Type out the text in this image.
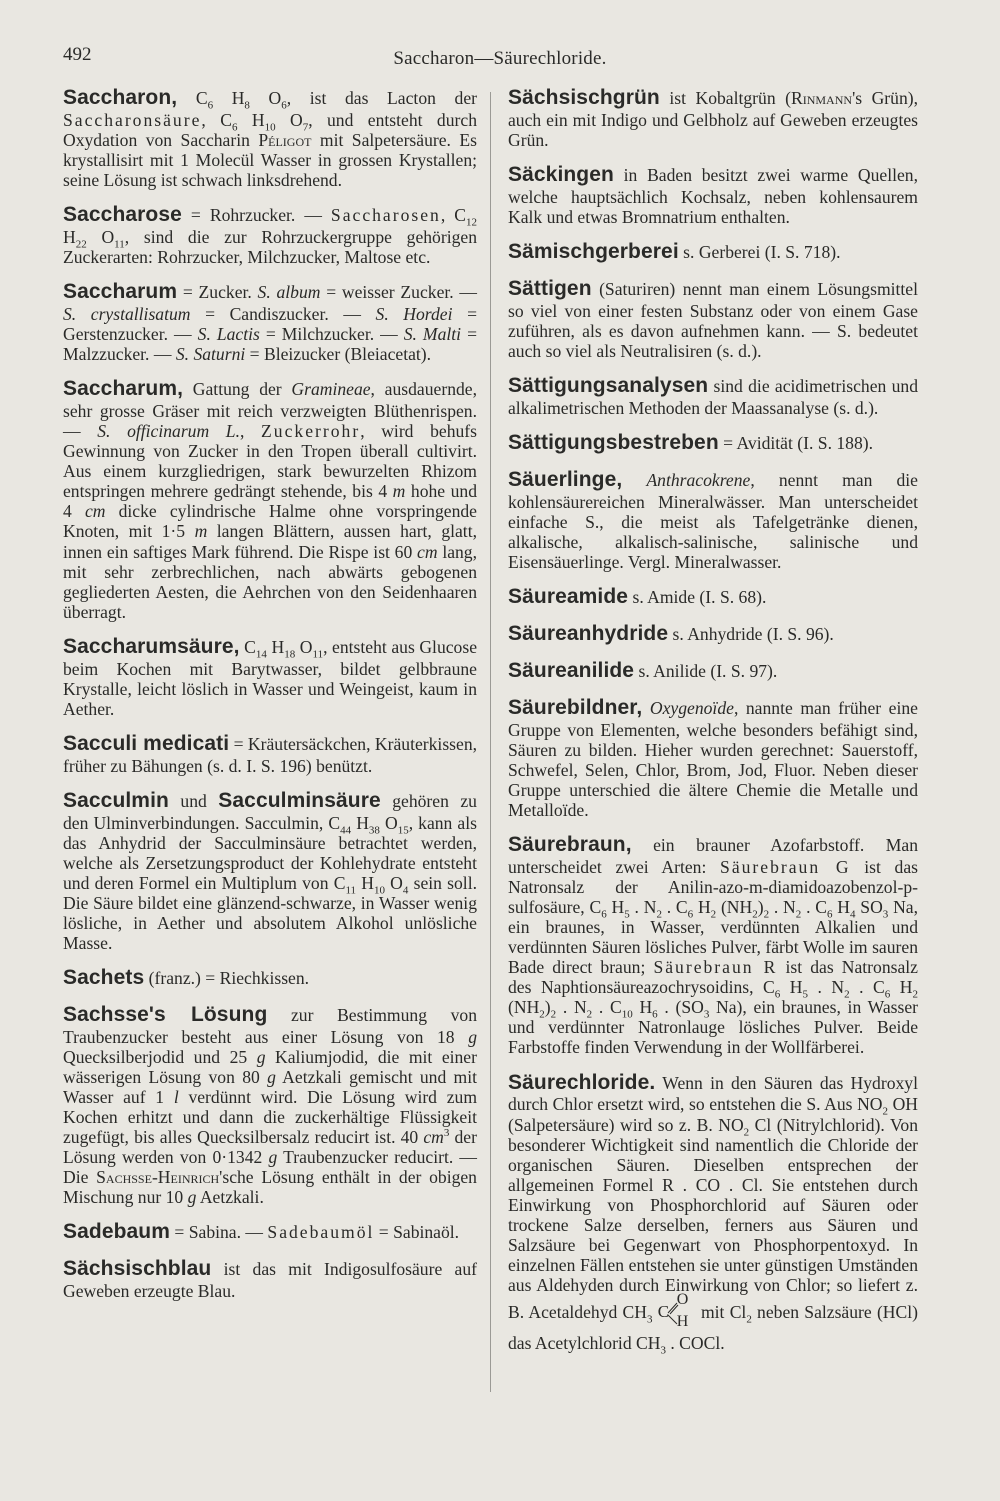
492	Saccharon—Säurechloride.

Saccharon, $C_6$ $H_8$ $O_6$, ist das Lacton der Saccharonsäure, $C_6$ $H_{10}$ $O_7$, und entsteht durch Oxydation von Saccharin Péligot mit Salpetersäure. Es krystallisirt mit 1 Molecül Wasser in grossen Krystallen; seine Lösung ist schwach linksdrehend.

Saccharose = Rohrzucker. — Saccharosen, $C_{12}$ $H_{22}$ $O_{11}$, sind die zur Rohrzuckergruppe gehörigen Zuckerarten: Rohrzucker, Milchzucker, Maltose etc.

Saccharum = Zucker. S. album = weisser Zucker. — S. crystallisatum = Candiszucker. — S. Hordei = Gerstenzucker. — S. Lactis = Milchzucker. — S. Malti = Malzzucker. — S. Saturni = Bleizucker (Bleiacetat).

Saccharum, Gattung der Gramineae, ausdauernde, sehr grosse Gräser mit reich verzweigten Blüthenrispen. — S. officinarum L., Zuckerrohr, wird behufs Gewinnung von Zucker in den Tropen überall cultivirt. Aus einem kurzgliedrigen, stark bewurzelten Rhizom entspringen mehrere gedrängt stehende, bis 4 m hohe und 4 cm dicke cylindrische Halme ohne vorspringende Knoten, mit 1·5 m langen Blättern, aussen hart, glatt, innen ein saftiges Mark führend. Die Rispe ist 60 cm lang, mit sehr zerbrechlichen, nach abwärts gebogenen gegliederten Aesten, die Aehrchen von den Seidenhaaren überragt.

Saccharumsäure, $C_{14}$ $H_{18}$ $O_{11}$, entsteht aus Glucose beim Kochen mit Barytwasser, bildet gelbbraune Krystalle, leicht löslich in Wasser und Weingeist, kaum in Aether.

Sacculi medicati = Kräutersäckchen, Kräuterkissen, früher zu Bähungen (s. d. I. S. 196) benützt.

Sacculmin und Sacculminsäure gehören zu den Ulminverbindungen. Sacculmin, $C_{44}$ $H_{38}$ $O_{15}$, kann als das Anhydrid der Sacculminsäure betrachtet werden, welche als Zersetzungsproduct der Kohlehydrate entsteht und deren Formel ein Multiplum von $C_{11}$ $H_{10}$ $O_4$ sein soll. Die Säure bildet eine glänzend-schwarze, in Wasser wenig lösliche, in Aether und absolutem Alkohol unlösliche Masse.

Sachets (franz.) = Riechkissen.

Sachsse's Lösung zur Bestimmung von Traubenzucker besteht aus einer Lösung von 18 g Quecksilberjodid und 25 g Kaliumjodid, die mit einer wässerigen Lösung von 80 g Aetzkali gemischt und mit Wasser auf 1 l verdünnt wird. Die Lösung wird zum Kochen erhitzt und dann die zuckerhältige Flüssigkeit zugefügt, bis alles Quecksilbersalz reducirt ist. 40 $cm^3$ der Lösung werden von 0·1342 g Traubenzucker reducirt. — Die Sachsse-Heinrich'sche Lösung enthält in der obigen Mischung nur 10 g Aetzkali.

Sadebaum = Sabina. — Sadebaumöl = Sabinaöl.

Sächsischblau ist das mit Indigosulfosäure auf Geweben erzeugte Blau.

Sächsischgrün ist Kobaltgrün (Rinmann's Grün), auch ein mit Indigo und Gelbholz auf Geweben erzeugtes Grün.

Säckingen in Baden besitzt zwei warme Quellen, welche hauptsächlich Kochsalz, neben kohlensaurem Kalk und etwas Bromnatrium enthalten.

Sämischgerberei s. Gerberei (I. S. 718).

Sättigen (Saturiren) nennt man einem Lösungsmittel so viel von einer festen Substanz oder von einem Gase zuführen, als es davon aufnehmen kann. — S. bedeutet auch so viel als Neutralisiren (s. d.).

Sättigungsanalysen sind die acidimetrischen und alkalimetrischen Methoden der Maassanalyse (s. d.).

Sättigungsbestreben = Avidität (I. S. 188).

Säuerlinge, Anthracokrene, nennt man die kohlensäurereichen Mineralwässer. Man unterscheidet einfache S., die meist als Tafelgetränke dienen, alkalische, alkalisch-salinische, salinische und Eisensäuerlinge. Vergl. Mineralwasser.

Säureamide s. Amide (I. S. 68).

Säureanhydride s. Anhydride (I. S. 96).

Säureanilide s. Anilide (I. S. 97).

Säurebildner, Oxygenoïde, nannte man früher eine Gruppe von Elementen, welche besonders befähigt sind, Säuren zu bilden. Hieher wurden gerechnet: Sauerstoff, Schwefel, Selen, Chlor, Brom, Jod, Fluor. Neben dieser Gruppe unterschied die ältere Chemie die Metalle und Metalloïde.

Säurebraun, ein brauner Azofarbstoff. Man unterscheidet zwei Arten: Säurebraun G ist das Natronsalz der Anilin-azo-m-diamidoazobenzol-p-sulfosäure, $C_6$ $H_5$ . $N_2$ . $C_6$ $H_2$ $(NH_2)_2$ . $N_2$ . $C_6$ $H_4$ $SO_3$ Na, ein braunes, in Wasser, verdünnten Alkalien und verdünnten Säuren lösliches Pulver, färbt Wolle im sauren Bade direct braun; Säurebraun R ist das Natronsalz des Naphtionsäureazochrysoidins, $C_6$ $H_5$ . $N_2$ . $C_6$ $H_2$ $(NH_2)_2$ . $N_2$ . $C_{10}$ $H_6$ . ($SO_3$ Na), ein braunes, in Wasser und verdünnter Natronlauge lösliches Pulver. Beide Farbstoffe finden Verwendung in der Wollfärberei.

Säurechloride. Wenn in den Säuren das Hydroxyl durch Chlor ersetzt wird, so entstehen die S. Aus $NO_2$ OH (Salpetersäure) wird so z. B. $NO_2$ Cl (Nitrylchlorid). Von besonderer Wichtigkeit sind namentlich die Chloride der organischen Säuren. Dieselben entsprechen der allgemeinen Formel R . CO . Cl. Sie entstehen durch Einwirkung von Phosphorchlorid auf Säuren oder trockene Salze derselben, ferners aus Säuren und Salzsäure bei Gegenwart von Phosphorpentoxyd. In einzelnen Fällen entstehen sie unter günstigen Umständen aus Aldehyden durch Einwirkung von Chlor; so liefert z. B. Acetaldehyd $CH_3$ C
O
H mit $Cl_2$ neben Salzsäure (HCl) das Acetylchlorid $CH_3$ . COCl.
